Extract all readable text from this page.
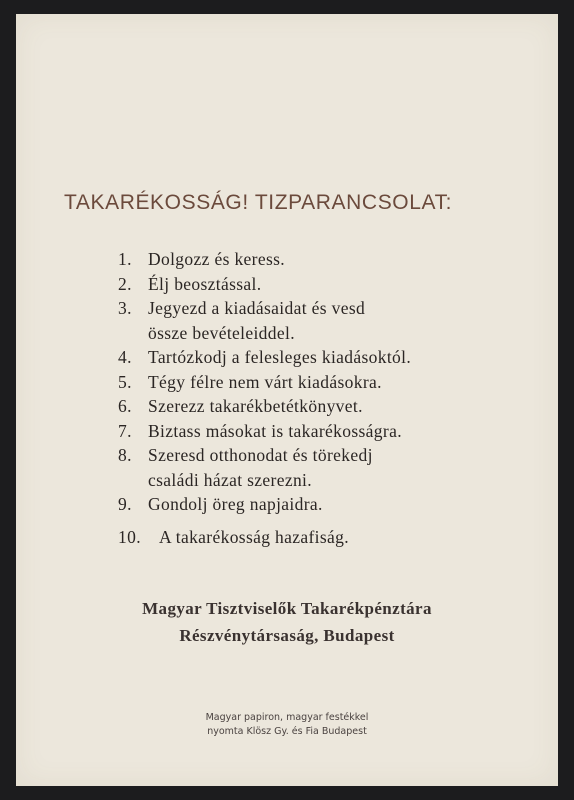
TAKARÉKOSSÁG! TIZPARANCSOLAT:
1. Dolgozz és keress.
2. Élj beosztással.
3. Jegyezd a kiadásaidat és vesd
össze bevételeiddel.
4. Tartózkodj a felesleges kiadásoktól.
5. Tégy félre nem várt kiadásokra.
6. Szerezz takarékbetétkönyvet.
7. Biztass másokat is takarékosságra.
8. Szeresd otthonodat és törekedj
családi házat szerezni.
9. Gondolj öreg napjaidra.
10.	A takarékosság hazafiság.
Magyar Tisztviselők Takarékpénztára
Részvénytársaság, Budapest
Magyar papiron, magyar festékkel
nyomta Klösz Gy. és Fia Budapest
